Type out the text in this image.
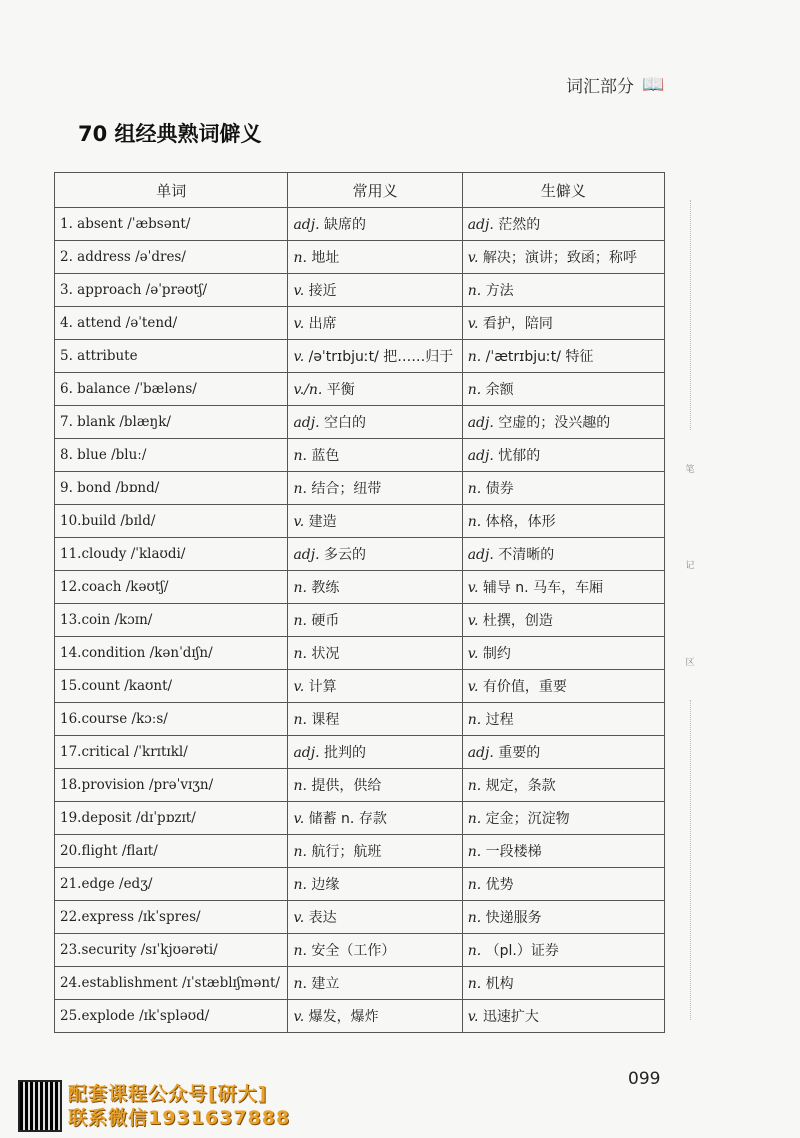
词汇部分 📖
70 组经典熟词僻义
单词	常用义	生僻义
1. absent /ˈæbsənt/	adj. 缺席的	adj. 茫然的
2. address /əˈdres/	n. 地址	v. 解决；演讲；致函；称呼
3. approach /əˈprəʊtʃ/	v. 接近	n. 方法
4. attend /əˈtend/	v. 出席	v. 看护，陪同
5. attribute	v. /əˈtrɪbjuːt/ 把……归于	n. /ˈætrɪbjuːt/ 特征
6. balance /ˈbæləns/	v./n. 平衡	n. 余额
7. blank /blæŋk/	adj. 空白的	adj. 空虚的；没兴趣的
8. blue /bluː/	n. 蓝色	adj. 忧郁的
9. bond /bɒnd/	n. 结合；纽带	n. 债券
10.build /bɪld/	v. 建造	n. 体格，体形
11.cloudy /ˈklaʊdi/	adj. 多云的	adj. 不清晰的
12.coach /kəʊtʃ/	n. 教练	v. 辅导 n. 马车，车厢
13.coin /kɔɪn/	n. 硬币	v. 杜撰，创造
14.condition /kənˈdɪʃn/	n. 状况	v. 制约
15.count /kaʊnt/	v. 计算	v. 有价值，重要
16.course /kɔːs/	n. 课程	n. 过程
17.critical /ˈkrɪtɪkl/	adj. 批判的	adj. 重要的
18.provision /prəˈvɪʒn/	n. 提供，供给	n. 规定，条款
19.deposit /dɪˈpɒzɪt/	v. 储蓄 n. 存款	n. 定金；沉淀物
20.flight /flaɪt/	n. 航行；航班	n. 一段楼梯
21.edge /edʒ/	n. 边缘	n. 优势
22.express /ɪkˈspres/	v. 表达	n. 快递服务
23.security /sɪˈkjʊərəti/	n. 安全（工作）	n. （pl.）证券
24.establishment /ɪˈstæblɪʃmənt/	n. 建立	n. 机构
25.explode /ɪkˈspləʊd/	v. 爆发，爆炸	v. 迅速扩大
笔
记
区
099
配套课程公众号[研大]
联系微信1931637888
